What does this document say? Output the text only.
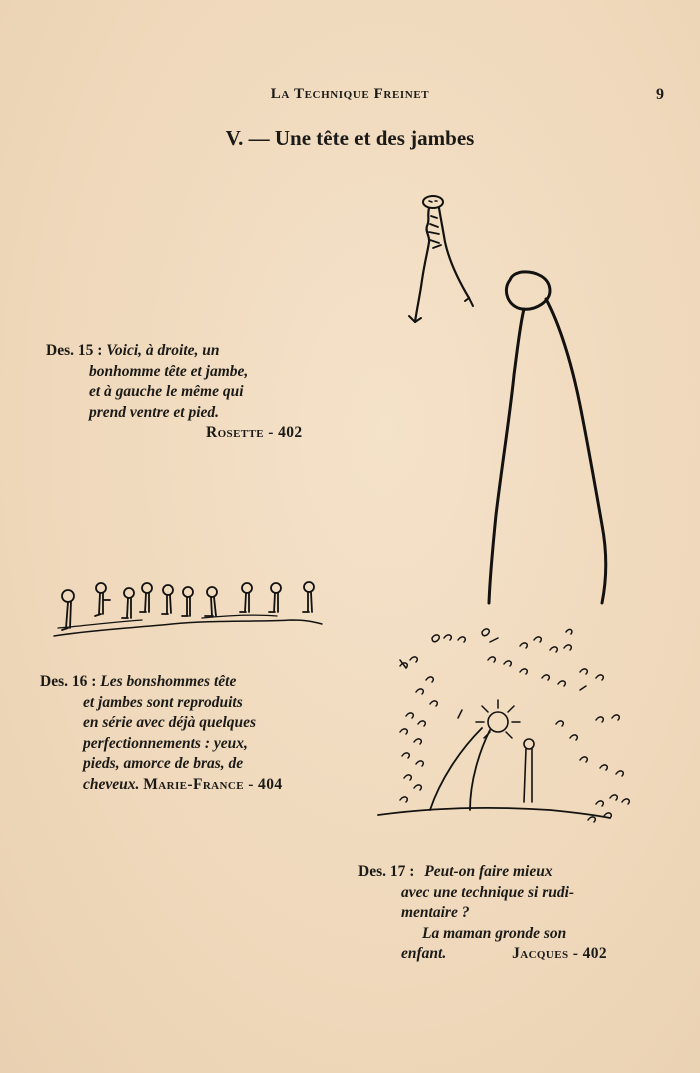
La Technique Freinet	9
V. — Une tête et des jambes
Des. 15 : Voici, à droite, un
bonhomme tête et jambe,
et à gauche le même qui
prend ventre et pied.
Rosette - 402
Des. 16 : Les bonshommes tête
et jambes sont reproduits
en série avec déjà quelques
perfectionnements : yeux,
pieds, amorce de bras, de
cheveux. Marie-France - 404
Des. 17 : Peut-on faire mieux
avec une technique si rudi-
mentaire ?
La maman gronde son
enfant.	Jacques - 402
